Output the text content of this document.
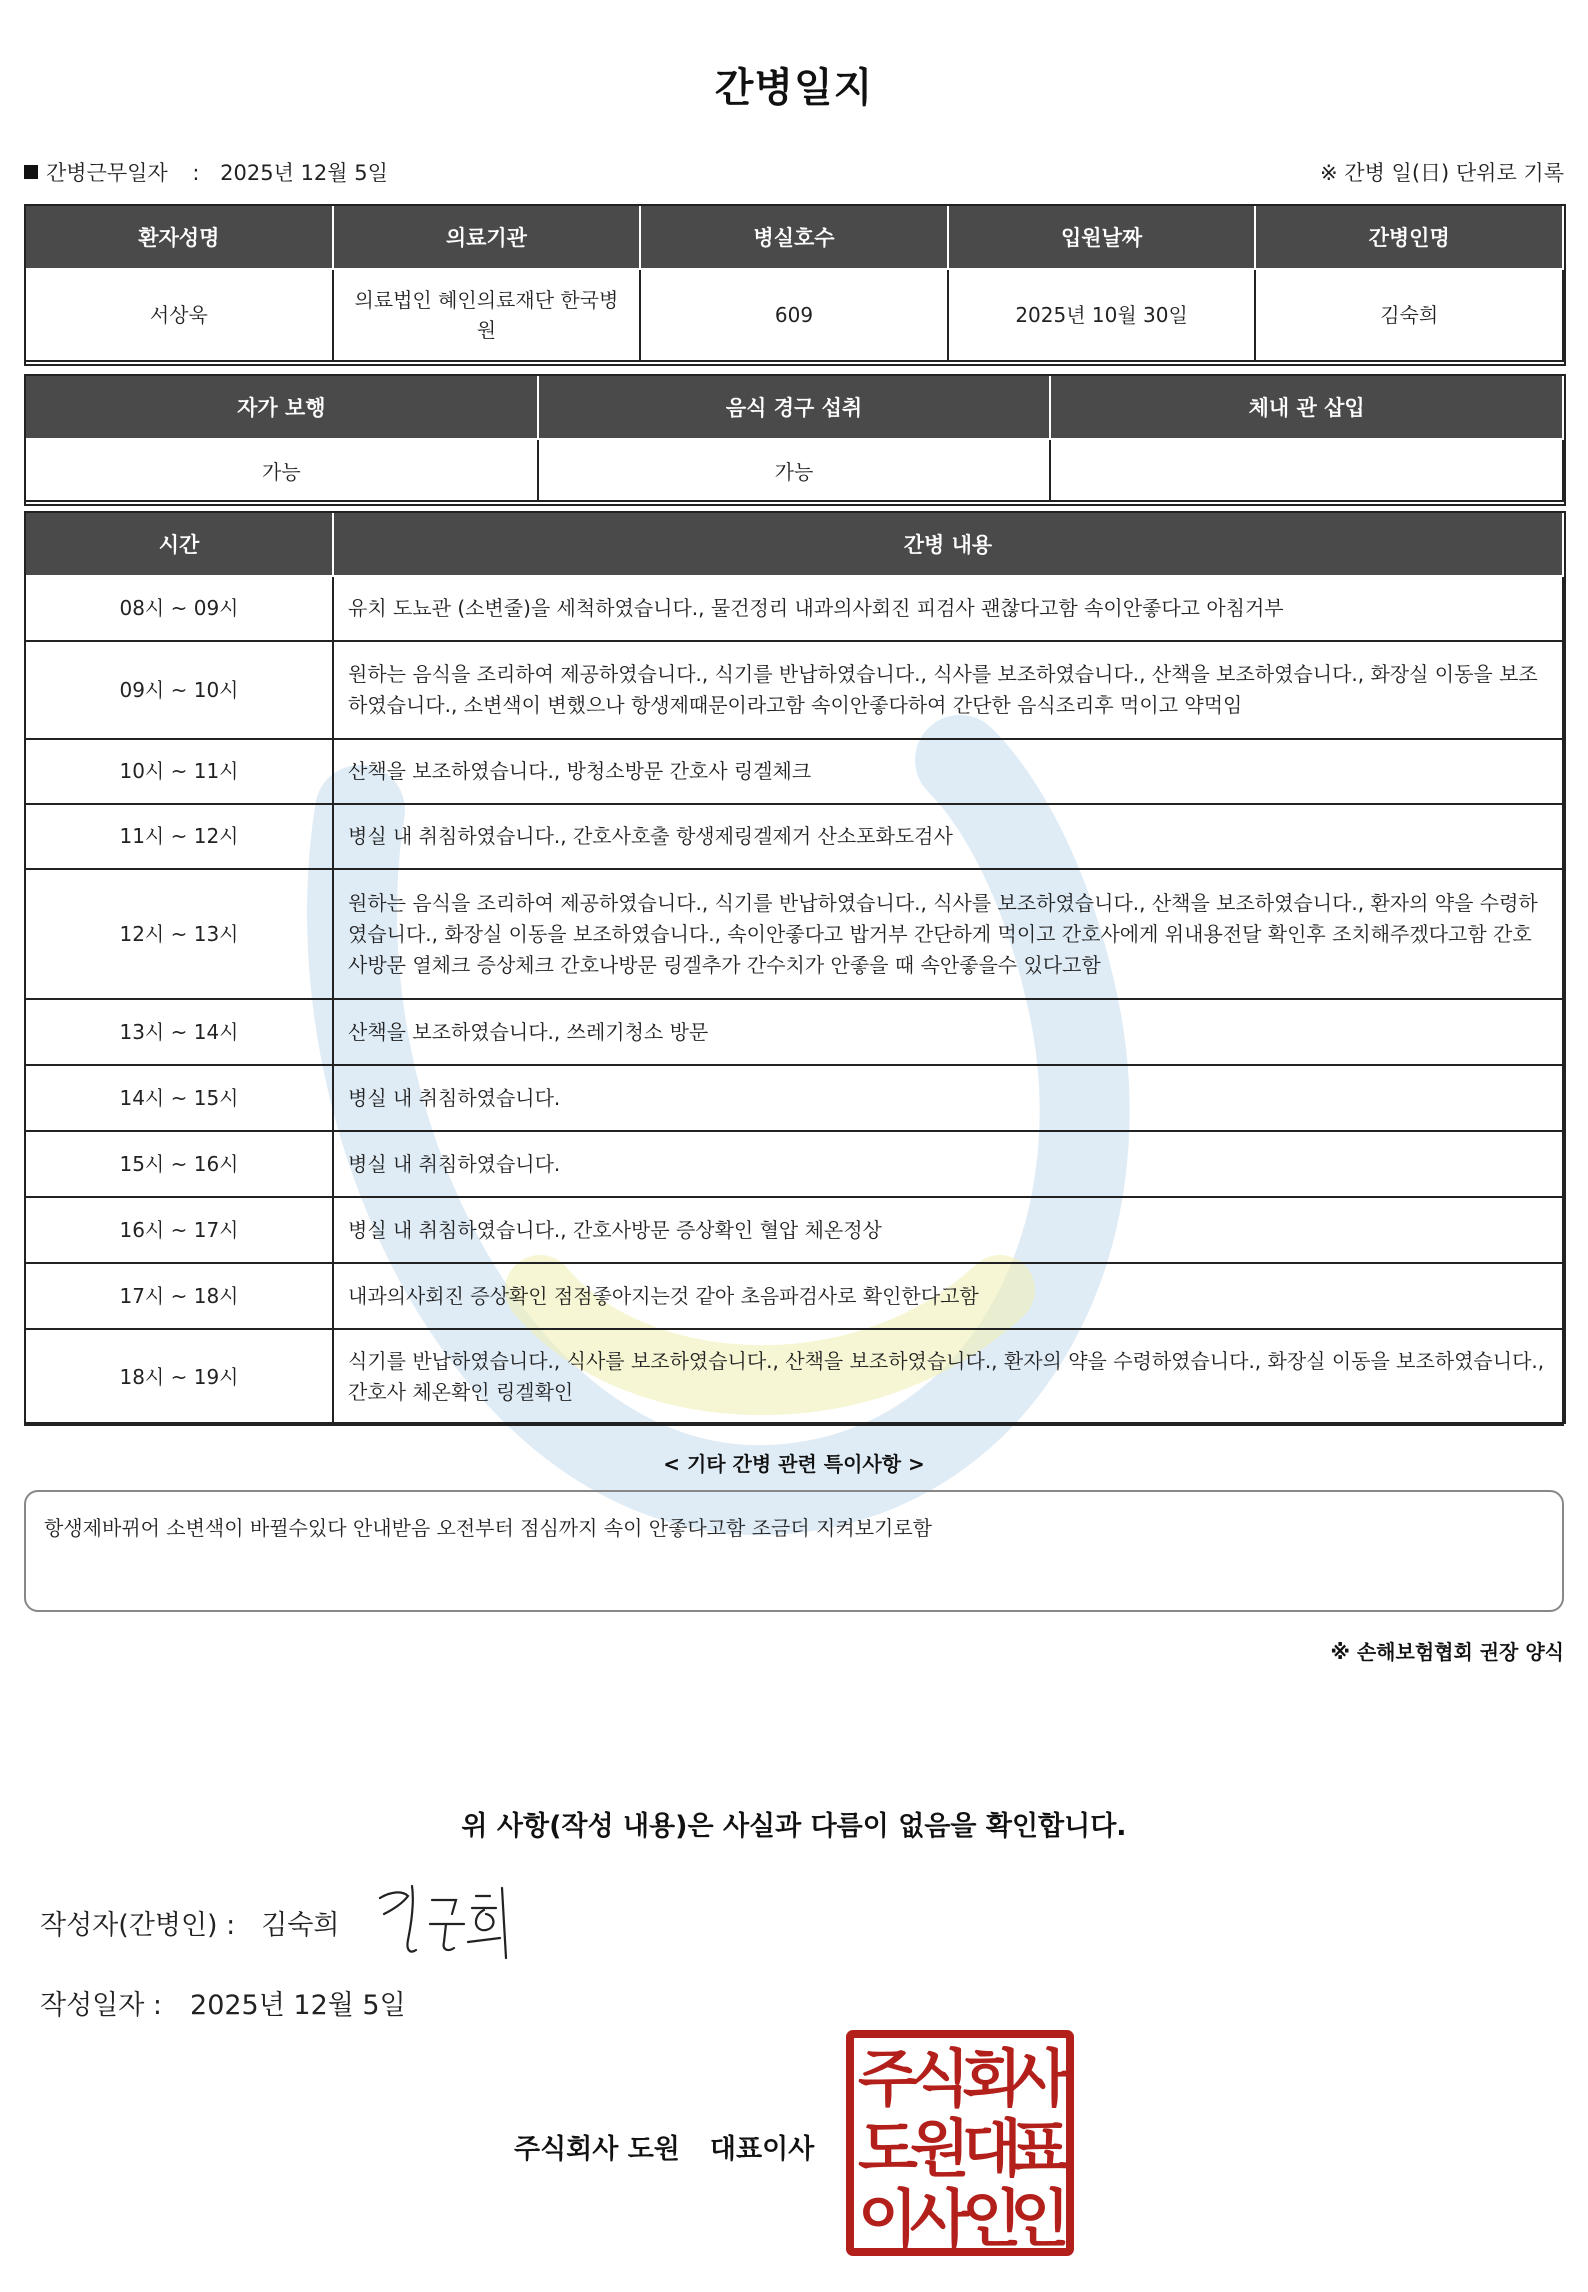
간병일지
간병근무일자 : 2025년 12월 5일	※ 간병 일(日) 단위로 기록
환자성명	의료기관	병실호수	입원날짜	간병인명
서상욱	의료법인 혜인의료재단 한국병원	609	2025년 10월 30일	김숙희
자가 보행	음식 경구 섭취	체내 관 삽입
가능	가능	
시간	간병 내용
08시 ~ 09시	유치 도뇨관 (소변줄)을 세척하였습니다., 물건정리 내과의사회진 피검사 괜찮다고함 속이안좋다고 아침거부
09시 ~ 10시	원하는 음식을 조리하여 제공하였습니다., 식기를 반납하였습니다., 식사를 보조하였습니다., 산책을 보조하였습니다., 화장실 이동을 보조하였습니다., 소변색이 변했으나 항생제때문이라고함 속이안좋다하여 간단한 음식조리후 먹이고 약먹임
10시 ~ 11시	산책을 보조하였습니다., 방청소방문 간호사 링겔체크
11시 ~ 12시	병실 내 취침하였습니다., 간호사호출 항생제링겔제거 산소포화도검사
12시 ~ 13시	원하는 음식을 조리하여 제공하였습니다., 식기를 반납하였습니다., 식사를 보조하였습니다., 산책을 보조하였습니다., 환자의 약을 수령하였습니다., 화장실 이동을 보조하였습니다., 속이안좋다고 밥거부 간단하게 먹이고 간호사에게 위내용전달 확인후 조치해주겠다고함 간호사방문 열체크 증상체크 간호나방문 링겔추가 간수치가 안좋을 때 속안좋을수 있다고함
13시 ~ 14시	산책을 보조하였습니다., 쓰레기청소 방문
14시 ~ 15시	병실 내 취침하였습니다.
15시 ~ 16시	병실 내 취침하였습니다.
16시 ~ 17시	병실 내 취침하였습니다., 간호사방문 증상확인 혈압 체온정상
17시 ~ 18시	내과의사회진 증상확인 점점좋아지는것 같아 초음파검사로 확인한다고함
18시 ~ 19시	식기를 반납하였습니다., 식사를 보조하였습니다., 산책을 보조하였습니다., 환자의 약을 수령하였습니다., 화장실 이동을 보조하였습니다., 간호사 체온확인 링겔확인
< 기타 간병 관련 특이사항 >
항생제바뀌어 소변색이 바뀔수있다 안내받음 오전부터 점심까지 속이 안좋다고함 조금더 지켜보기로함
※ 손해보험협회 권장 양식
위 사항(작성 내용)은 사실과 다름이 없음을 확인합니다.
작성자(간병인) : 김숙희
작성일자 : 2025년 12월 5일
주식회사 도원 대표이사
주
식
회
사
도
원
대
표
이
사
인
인
